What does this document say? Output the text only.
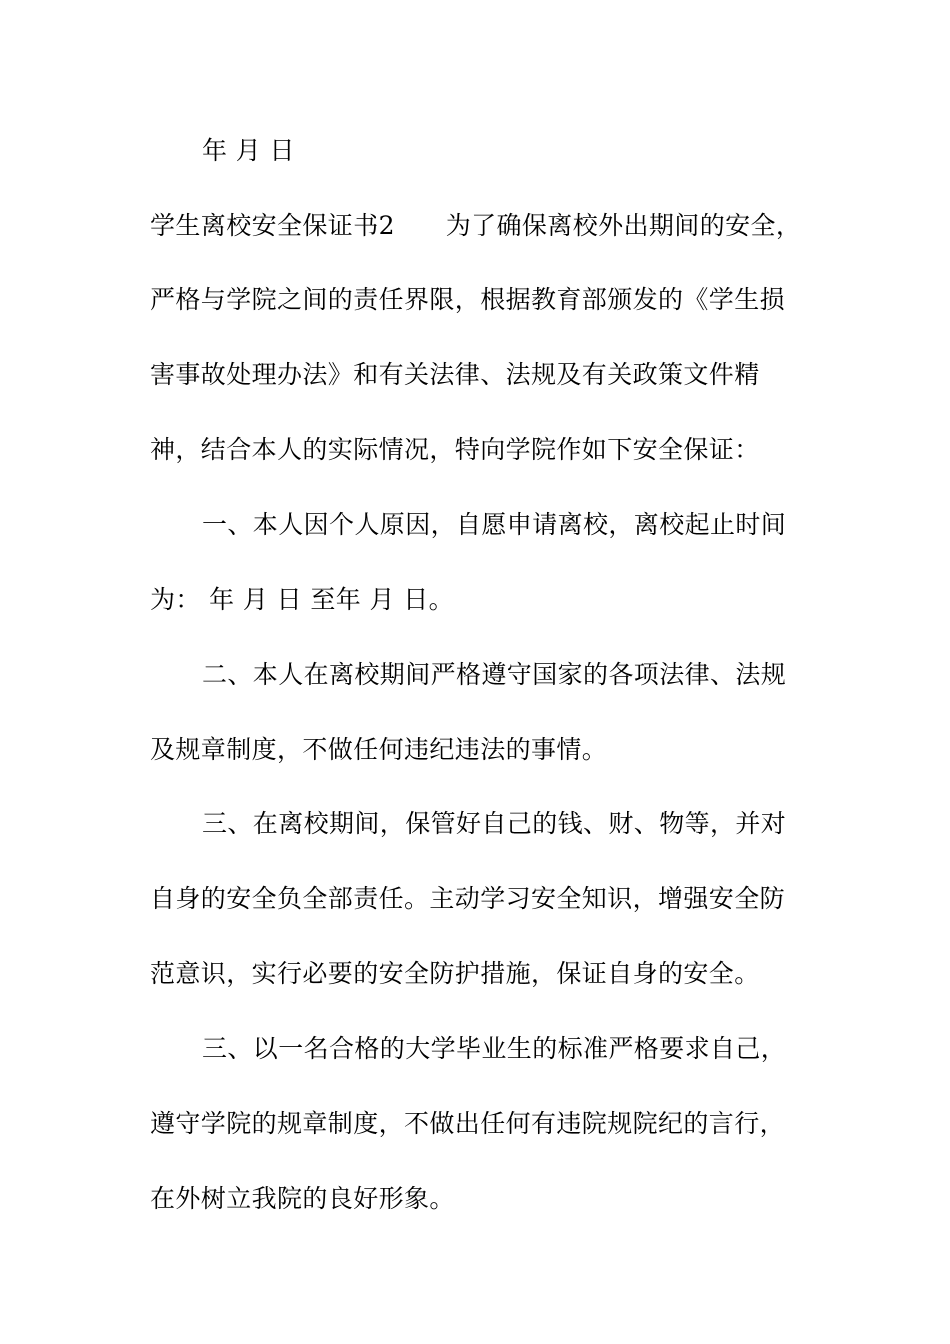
年 月 日
学生离校安全保证书2　　为了确保离校外出期间的安全，
严格与学院之间的责任界限，根据教育部颁发的《学生损
害事故处理办法》和有关法律、法规及有关政策文件精
神，结合本人的实际情况，特向学院作如下安全保证：
一、本人因个人原因，自愿申请离校，离校起止时间
为： 年 月 日 至年 月 日。
二、本人在离校期间严格遵守国家的各项法律、法规
及规章制度，不做任何违纪违法的事情。
三、在离校期间，保管好自己的钱、财、物等，并对
自身的安全负全部责任。主动学习安全知识，增强安全防
范意识，实行必要的安全防护措施，保证自身的安全。
三、以一名合格的大学毕业生的标准严格要求自己，
遵守学院的规章制度，不做出任何有违院规院纪的言行，
在外树立我院的良好形象。
